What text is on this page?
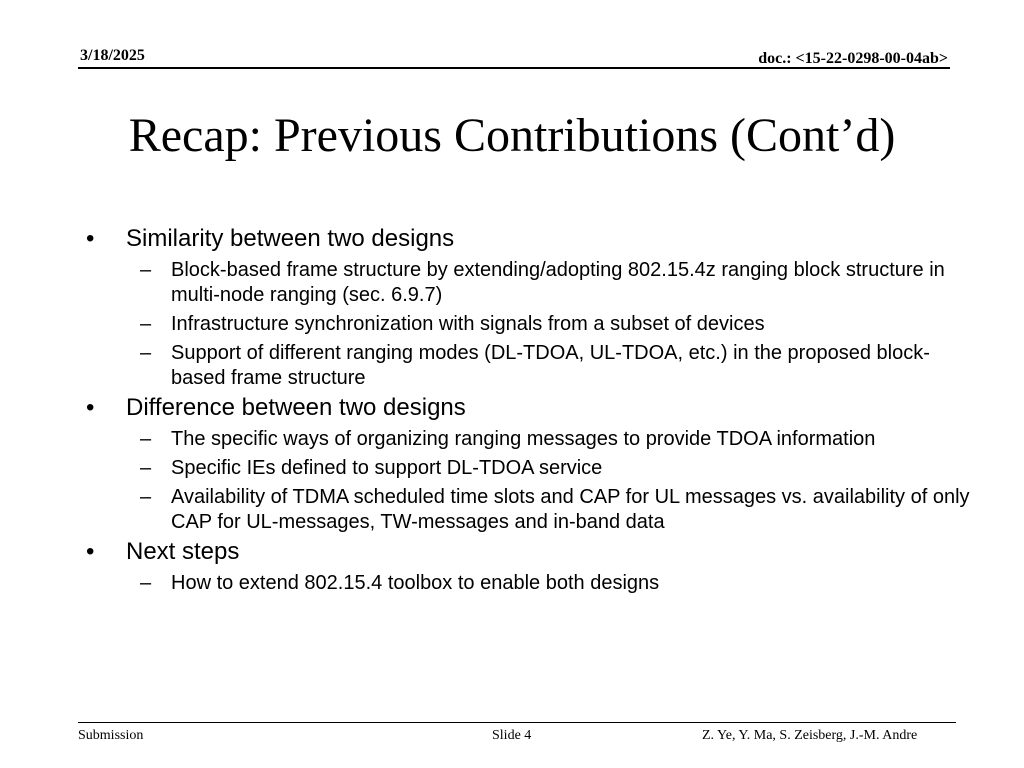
3/18/2025	doc.: <15-22-0298-00-04ab>
Recap: Previous Contributions (Cont’d)
•	Similarity between two designs
– Block-based frame structure by extending/adopting 802.15.4z ranging block structure in multi-node ranging (sec. 6.9.7)
– Infrastructure synchronization with signals from a subset of devices
– Support of different ranging modes (DL-TDOA, UL-TDOA, etc.) in the proposed block-based frame structure
•	Difference between two designs
– The specific ways of organizing ranging messages to provide TDOA information
– Specific IEs defined to support DL-TDOA service
– Availability of TDMA scheduled time slots and CAP for UL messages vs. availability of only CAP for UL-messages, TW-messages and in-band data
•	Next steps
– How to extend 802.15.4 toolbox to enable both designs
Submission	Slide 4	Z. Ye, Y. Ma, S. Zeisberg, J.-M. Andre
